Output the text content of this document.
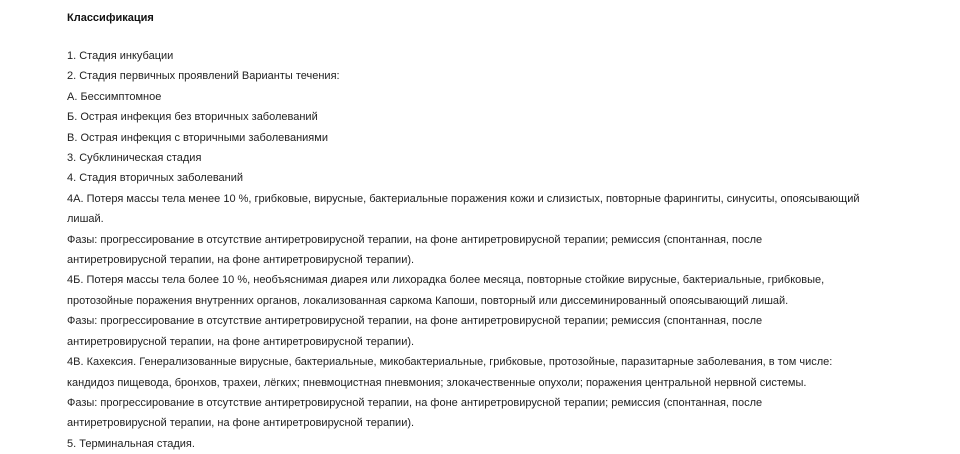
Классификация
1. Стадия инкубации
2. Стадия первичных проявлений Варианты течения:
А. Бессимптомное
Б. Острая инфекция без вторичных заболеваний
В. Острая инфекция с вторичными заболеваниями
3. Субклиническая стадия
4. Стадия вторичных заболеваний
4А. Потеря массы тела менее 10 %, грибковые, вирусные, бактериальные поражения кожи и слизистых, повторные фарингиты, синуситы, опоясывающий
лишай.
Фазы: прогрессирование в отсутствие антиретровирусной терапии, на фоне антиретровирусной терапии; ремиссия (спонтанная, после
антиретровирусной терапии, на фоне антиретровирусной терапии).
4Б. Потеря массы тела более 10 %, необъяснимая диарея или лихорадка более месяца, повторные стойкие вирусные, бактериальные, грибковые,
протозойные поражения внутренних органов, локализованная саркома Капоши, повторный или диссеминированный опоясывающий лишай.
Фазы: прогрессирование в отсутствие антиретровирусной терапии, на фоне антиретровирусной терапии; ремиссия (спонтанная, после
антиретровирусной терапии, на фоне антиретровирусной терапии).
4В. Кахексия. Генерализованные вирусные, бактериальные, микобактериальные, грибковые, протозойные, паразитарные заболевания, в том числе:
кандидоз пищевода, бронхов, трахеи, лёгких; пневмоцистная пневмония; злокачественные опухоли; поражения центральной нервной системы.
Фазы: прогрессирование в отсутствие антиретровирусной терапии, на фоне антиретровирусной терапии; ремиссия (спонтанная, после
антиретровирусной терапии, на фоне антиретровирусной терапии).
5. Терминальная стадия.
